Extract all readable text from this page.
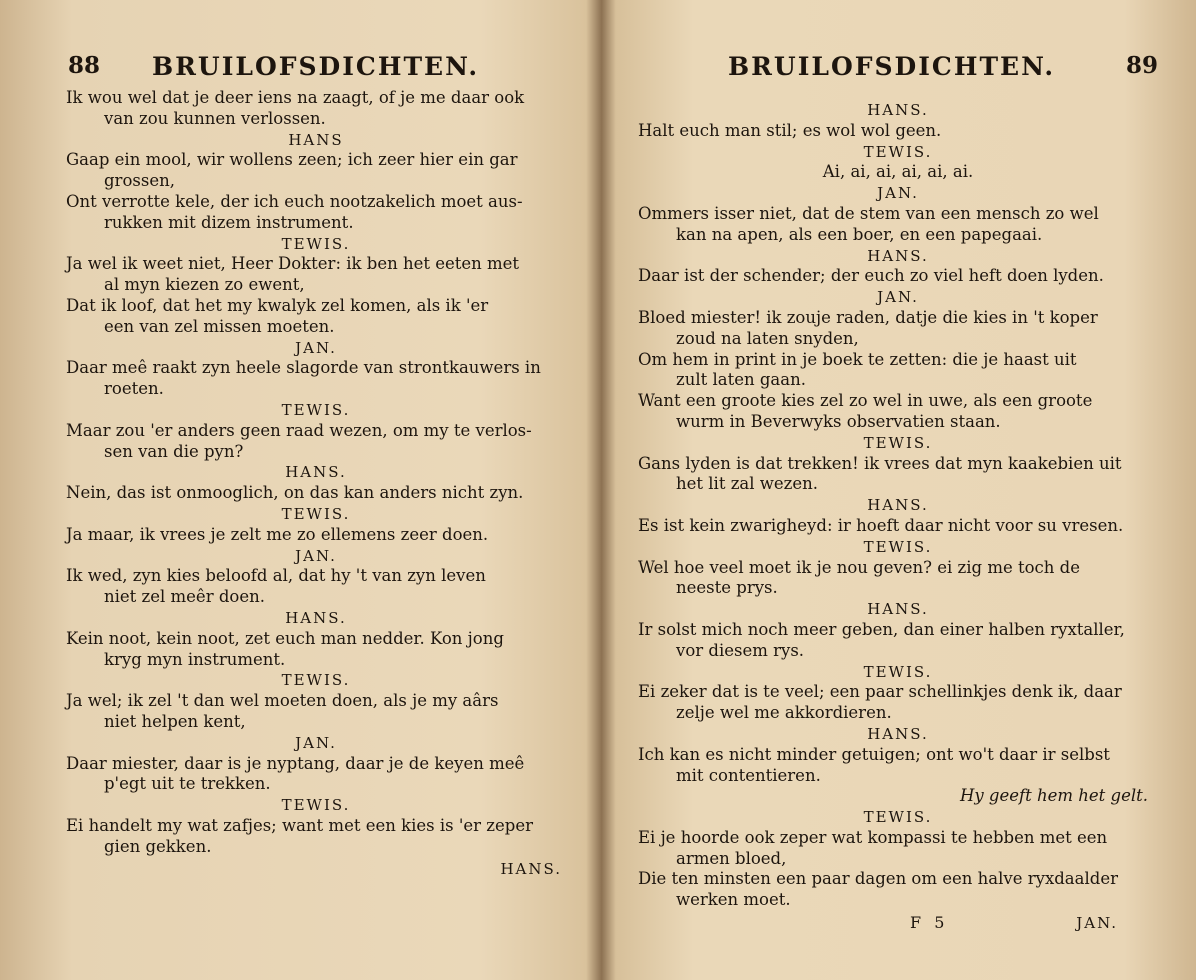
88 BRUILOFSDICHTEN.
Ik wou wel dat je deer iens na zaagt, of je me daar ook
van zou kunnen verlossen.
HANS
Gaap ein mool, wir wollens zeen; ich zeer hier ein gar
grossen,
Ont verrotte kele, der ich euch nootzakelich moet aus-
rukken mit dizem instrument.
TEWIS.
Ja wel ik weet niet, Heer Dokter: ik ben het eeten met
al myn kiezen zo ewent,
Dat ik loof, dat het my kwalyk zel komen, als ik 'er
een van zel missen moeten.
JAN.
Daar meê raakt zyn heele slagorde van strontkauwers in
roeten.
TEWIS.
Maar zou 'er anders geen raad wezen, om my te verlos-
sen van die pyn?
HANS.
Nein, das ist onmooglich, on das kan anders nicht zyn.
TEWIS.
Ja maar, ik vrees je zelt me zo ellemens zeer doen.
JAN.
Ik wed, zyn kies beloofd al, dat hy 't van zyn leven
niet zel meêr doen.
HANS.
Kein noot, kein noot, zet euch man nedder. Kon jong
kryg myn instrument.
TEWIS.
Ja wel; ik zel 't dan wel moeten doen, als je my aârs
niet helpen kent,
JAN.
Daar miester, daar is je nyptang, daar je de keyen meê
p'egt uit te trekken.
TEWIS.
Ei handelt my wat zafjes; want met een kies is 'er zeper
gien gekken.
HANS.
BRUILOFSDICHTEN.	89
HANS.
Halt euch man stil; es wol wol geen.
TEWIS.
Ai, ai, ai, ai, ai, ai.
JAN.
Ommers isser niet, dat de stem van een mensch zo wel
kan na apen, als een boer, en een papegaai.
HANS.
Daar ist der schender; der euch zo viel heft doen lyden.
JAN.
Bloed miester! ik zouje raden, datje die kies in 't koper
zoud na laten snyden,
Om hem in print in je boek te zetten: die je haast uit
zult laten gaan.
Want een groote kies zel zo wel in uwe, als een groote
wurm in Beverwyks observatien staan.
TEWIS.
Gans lyden is dat trekken! ik vrees dat myn kaakebien uit
het lit zal wezen.
HANS.
Es ist kein zwarigheyd: ir hoeft daar nicht voor su vresen.
TEWIS.
Wel hoe veel moet ik je nou geven? ei zig me toch de
neeste prys.
HANS.
Ir solst mich noch meer geben, dan einer halben ryxtaller,
vor diesem rys.
TEWIS.
Ei zeker dat is te veel; een paar schellinkjes denk ik, daar
zelje wel me akkordieren.
HANS.
Ich kan es nicht minder getuigen; ont wo't daar ir selbst
mit contentieren.
Hy geeft hem het gelt.
TEWIS.
Ei je hoorde ook zeper wat kompassi te hebben met een
armen bloed,
Die ten minsten een paar dagen om een halve ryxdaalder
werken moet.
F 5	JAN.
